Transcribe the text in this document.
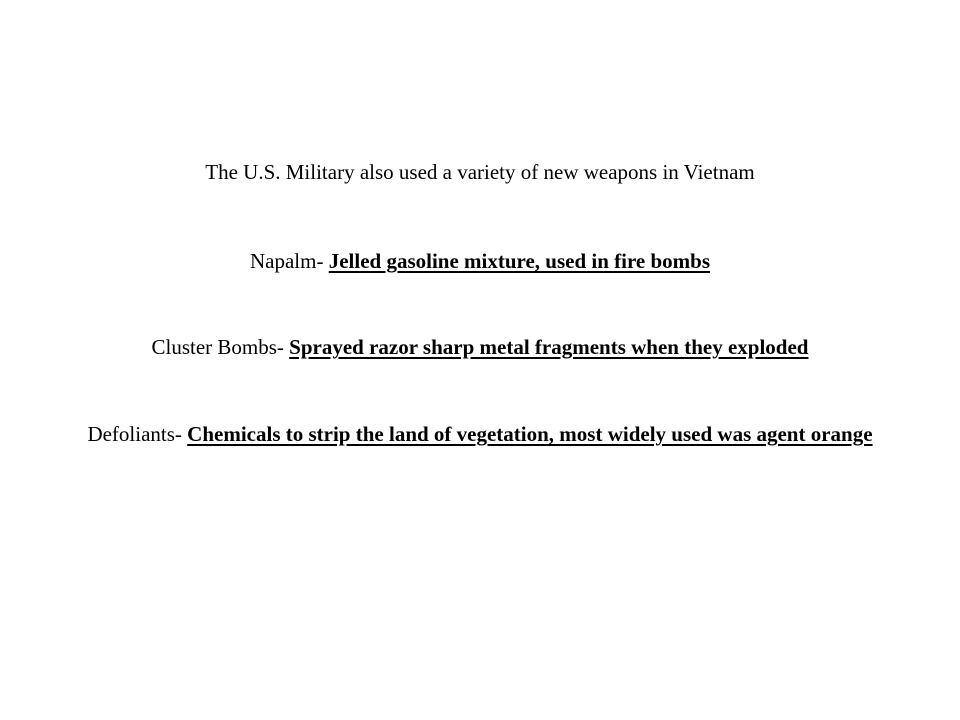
The U.S. Military also used a variety of new weapons in Vietnam
Napalm- Jelled gasoline mixture, used in fire bombs
Cluster Bombs- Sprayed razor sharp metal fragments when they exploded
Defoliants- Chemicals to strip the land of vegetation, most widely used was agent orange
